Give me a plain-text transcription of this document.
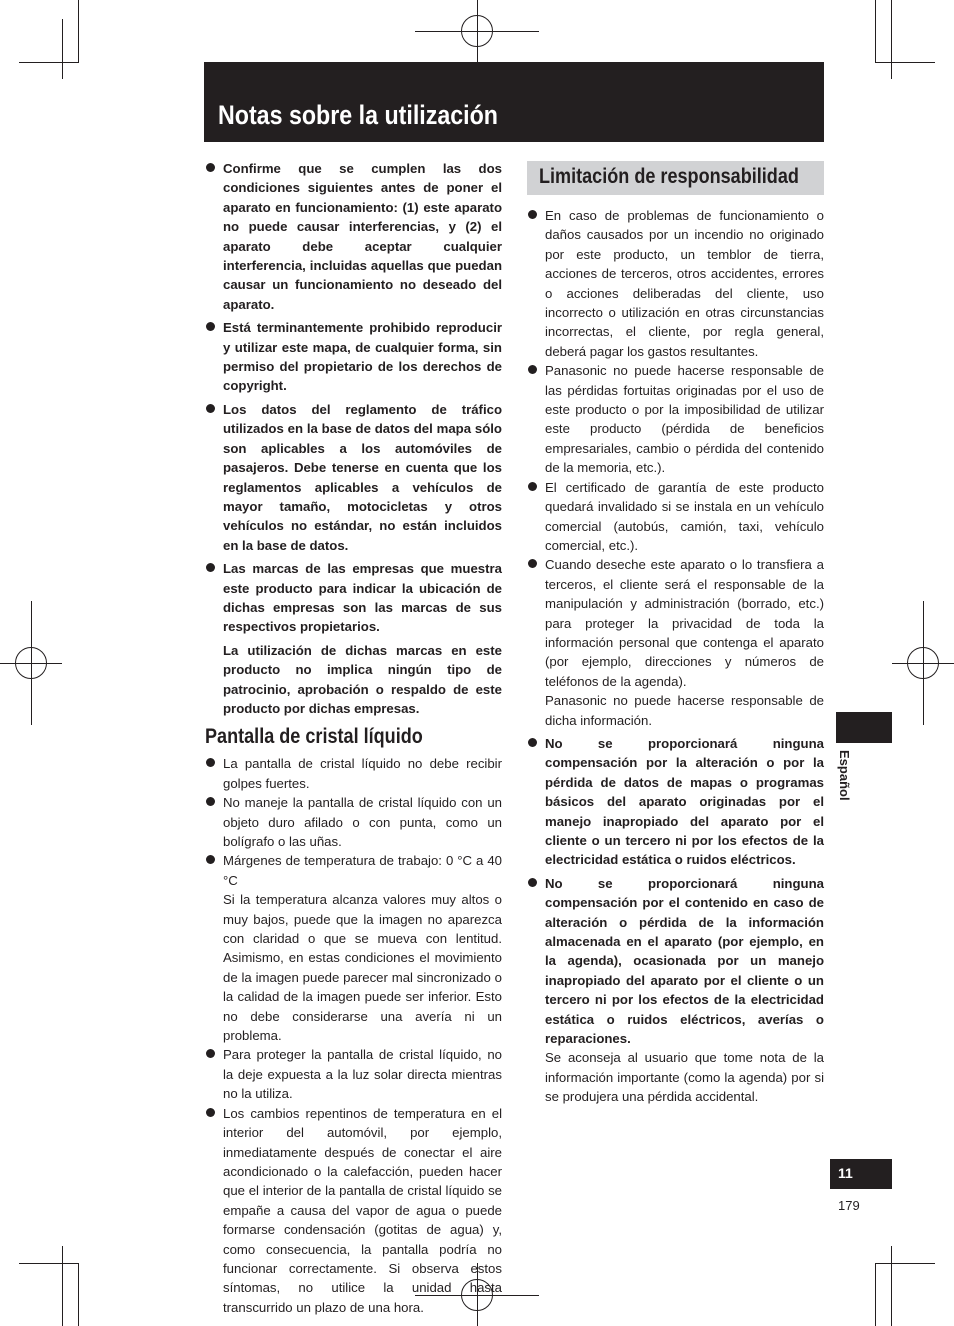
Notas sobre la utilización

Confirme que se cumplen las dos condiciones siguientes antes de poner el aparato en funcionamiento: (1) este aparato no puede causar interferencias, y (2) el aparato debe aceptar cualquier interferencia, incluidas aquellas que puedan causar un funcionamiento no deseado del aparato.

Está terminantemente prohibido reproducir y utilizar este mapa, de cualquier forma, sin permiso del propietario de los derechos de copyright.

Los datos del reglamento de tráfico utilizados en la base de datos del mapa sólo son aplicables a los automóviles de pasajeros. Debe tenerse en cuenta que los reglamentos aplicables a vehículos de mayor tamaño, motocicletas y otros vehículos no estándar, no están incluidos en la base de datos.

Las marcas de las empresas que muestra este producto para indicar la ubicación de dichas empresas son las marcas de sus respectivos propietarios.

La utilización de dichas marcas en este producto no implica ningún tipo de patrocinio, aprobación o respaldo de este producto por dichas empresas.

Pantalla de cristal líquido

La pantalla de cristal líquido no debe recibir golpes fuertes.

No maneje la pantalla de cristal líquido con un objeto duro afilado o con punta, como un bolígrafo o las uñas.

Márgenes de temperatura de trabajo: 0 °C a 40 °C

Si la temperatura alcanza valores muy altos o muy bajos, puede que la imagen no aparezca con claridad o que se mueva con lentitud. Asimismo, en estas condiciones el movimiento de la imagen puede parecer mal sincronizado o la calidad de la imagen puede ser inferior. Esto no debe considerarse una avería ni un problema.

Para proteger la pantalla de cristal líquido, no la deje expuesta a la luz solar directa mientras no la utiliza.

Los cambios repentinos de temperatura en el interior del automóvil, por ejemplo, inmediatamente después de conectar el aire acondicionado o la calefacción, pueden hacer que el interior de la pantalla de cristal líquido se empañe a causa del vapor de agua o puede formarse condensación (gotitas de agua) y, como consecuencia, la pantalla podría no funcionar correctamente. Si observa estos síntomas, no utilice la unidad hasta transcurrido un plazo de una hora.

Limitación de responsabilidad

En caso de problemas de funcionamiento o daños causados por un incendio no originado por este producto, un temblor de tierra, acciones de terceros, otros accidentes, errores o acciones deliberadas del cliente, uso incorrecto o utilización en otras circunstancias incorrectas, el cliente, por regla general, deberá pagar los gastos resultantes.

Panasonic no puede hacerse responsable de las pérdidas fortuitas originadas por el uso de este producto o por la imposibilidad de utilizar este producto (pérdida de beneficios empresariales, cambio o pérdida del contenido de la memoria, etc.).

El certificado de garantía de este producto quedará invalidado si se instala en un vehículo comercial (autobús, camión, taxi, vehículo comercial, etc.).

Cuando deseche este aparato o lo transfiera a terceros, el cliente será el responsable de la manipulación y administración (borrado, etc.) para proteger la privacidad de toda la información personal que contenga el aparato (por ejemplo, direcciones y números de teléfonos de la agenda).

Panasonic no puede hacerse responsable de dicha información.

No se proporcionará ninguna compensación por la alteración o por la pérdida de datos de mapas o programas básicos del aparato originadas por el manejo inapropiado del aparato por el cliente o un tercero ni por los efectos de la electricidad estática o ruidos eléctricos.

No se proporcionará ninguna compensación por el contenido en caso de alteración o pérdida de la información almacenada en el aparato (por ejemplo, en la agenda), ocasionada por un manejo inapropiado del aparato por el cliente o un tercero ni por los efectos de la electricidad estática o ruidos eléctricos, averías o reparaciones.

Se aconseja al usuario que tome nota de la información importante (como la agenda) por si se produjera una pérdida accidental.

Español
11
179
